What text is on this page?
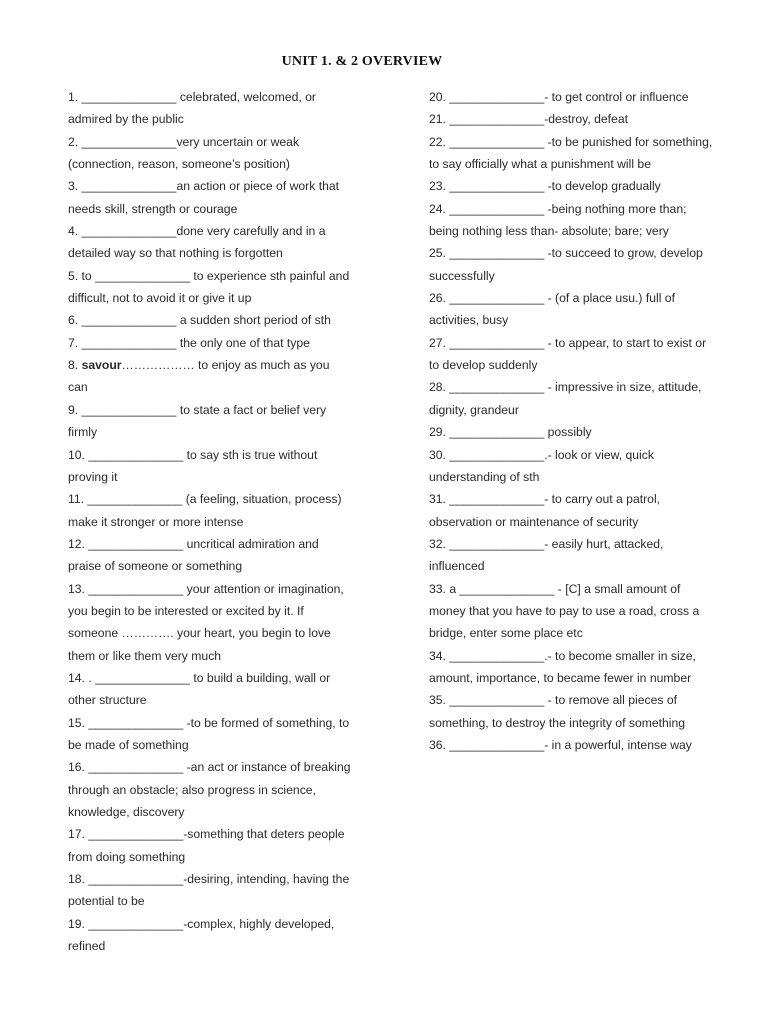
UNIT 1. & 2 OVERVIEW

1. ______________ celebrated, welcomed, or
admired by the public

2. ______________very uncertain or weak
(connection, reason, someone’s position)

3. ______________an action or piece of work that
needs skill, strength or courage

4. ______________done very carefully and in a
detailed way so that nothing is forgotten

5. to ______________ to experience sth painful and
difficult, not to avoid it or give it up

6. ______________ a sudden short period of sth

7. ______________ the only one of that type

8. savour……………… to enjoy as much as you
can

9. ______________ to state a fact or belief very
firmly

10. ______________ to say sth is true without
proving it

11. ______________ (a feeling, situation, process)
make it stronger or more intense

12. ______________ uncritical admiration and
praise of someone or something

13. ______________ your attention or imagination,
you begin to be interested or excited by it. If
someone …………. your heart, you begin to love
them or like them very much

14. . ______________ to build a building, wall or
other structure

15. ______________ -to be formed of something, to
be made of something

16. ______________ -an act or instance of breaking
through an obstacle; also progress in science,
knowledge, discovery

17. ______________-something that deters people
from doing something

18. ______________-desiring, intending, having the
potential to be

19. ______________-complex, highly developed,
refined

20. ______________- to get control or influence

21. ______________-destroy, defeat

22. ______________ -to be punished for something,
to say officially what a punishment will be

23. ______________ -to develop gradually

24. ______________ -being nothing more than;
being nothing less than- absolute; bare; very

25. ______________ -to succeed to grow, develop
successfully

26. ______________ - (of a place usu.) full of
activities, busy

27. ______________ - to appear, to start to exist or
to develop suddenly

28. ______________ - impressive in size, attitude,
dignity, grandeur

29. ______________ possibly

30. ______________.- look or view, quick
understanding of sth

31. ______________- to carry out a patrol,
observation or maintenance of security

32. ______________- easily hurt, attacked,
influenced

33. a ______________ - [C] a small amount of
money that you have to pay to use a road, cross a
bridge, enter some place etc

34. ______________.- to become smaller in size,
amount, importance, to became fewer in number

35. ______________ - to remove all pieces of
something, to destroy the integrity of something

36. ______________- in a powerful, intense way
